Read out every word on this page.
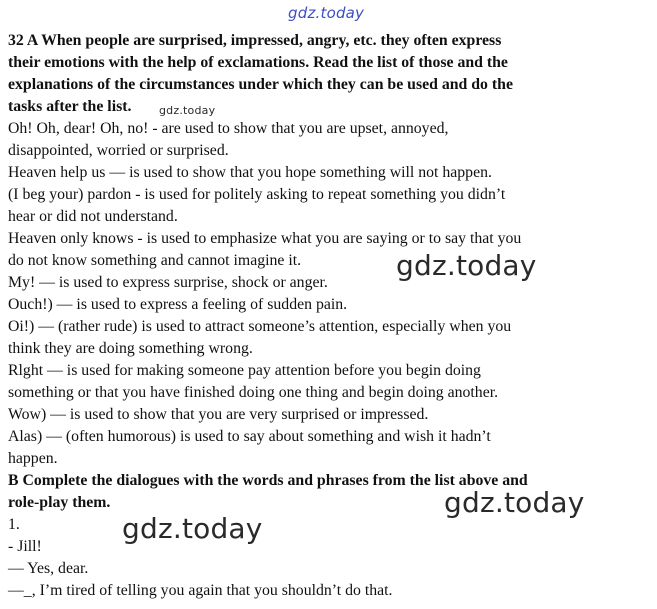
32 A When people are surprised, impressed, angry, etc. they often express
their emotions with the help of exclamations. Read the list of those and the
explanations of the circumstances under which they can be used and do the
tasks after the list.
Oh! Oh, dear! Oh, no! - are used to show that you are upset, annoyed,
disappointed, worried or surprised.
Heaven help us — is used to show that you hope something will not happen.
(I beg your) pardon - is used for politely asking to repeat something you didn’t
hear or did not understand.
Heaven only knows - is used to emphasize what you are saying or to say that you
do not know something and cannot imagine it.
My! — is used to express surprise, shock or anger.
Ouch!) — is used to express a feeling of sudden pain.
Oi!) — (rather rude) is used to attract someone’s attention, especially when you
think they are doing something wrong.
Rlght — is used for making someone pay attention before you begin doing
something or that you have finished doing one thing and begin doing another.
Wow) — is used to show that you are very surprised or impressed.
Alas) — (often humorous) is used to say about something and wish it hadn’t
happen.
B Complete the dialogues with the words and phrases from the list above and
role-play them.
1.
- Jill!
— Yes, dear.
—_, I’m tired of telling you again that you shouldn’t do that.
gdz.today
gdz.today
gdz.today
gdz.today
gdz.today
